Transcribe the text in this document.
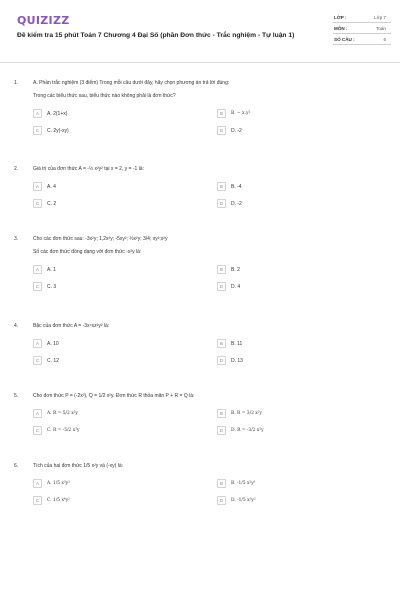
QUIZIZZ
Đề kiểm tra 15 phút Toán 7 Chương 4 Đại Số (phần Đơn thức - Trắc nghiệm - Tự luận 1)
LỚP :	Lớp 7
MÔN :	Toán
SỐ CÂU :	6
1.	A. Phần trắc nghiệm (3 điểm) Trong mỗi câu dưới đây, hãy chọn phương án trả lời đúng:
Trong các biểu thức sau, biểu thức nào không phải là đơn thức?
A	A. 2(1+x)	B	B. − x.y²
C	C. 2y(-xy)	D	D. -2
2.	Giá trị của đơn thức A = -½ x²y² tại x = 2, y = -1 là:
A	A. 4	B	B. -4
C	C. 2	D	D. -2
3.	Cho các đơn thức sau: -3x²y; 1,2x²y; -5xy²; ½x²y; 3/4; xy²;x²y
Số các đơn thức đồng dạng với đơn thức -x²y là:
A	A. 1	B	B. 2
C	C. 3	D	D. 4
4.	Bậc của đơn thức A = -3x⁴xz²y² là:
A	A. 10	B	B. 11
C	C. 12	D	D. 13
5.	Cho đơn thức P = (-2x²), Q = 1/2 x²y. Đơn thức R thỏa mãn P + R = Q là:
A	A. R = 5/2 x²y	B	B. R = 3/2 x²y
C	C. R = -5/2 x²y	D	D. R = -3/2 x²y
6.	Tích của hai đơn thức 1/5 x²y và (-xy) là:
A	A. 1/5 x³y²	B	B. -1/5 x²y³
C	C. 1/5 x⁴y²	D	D. -1/5 x³y²
